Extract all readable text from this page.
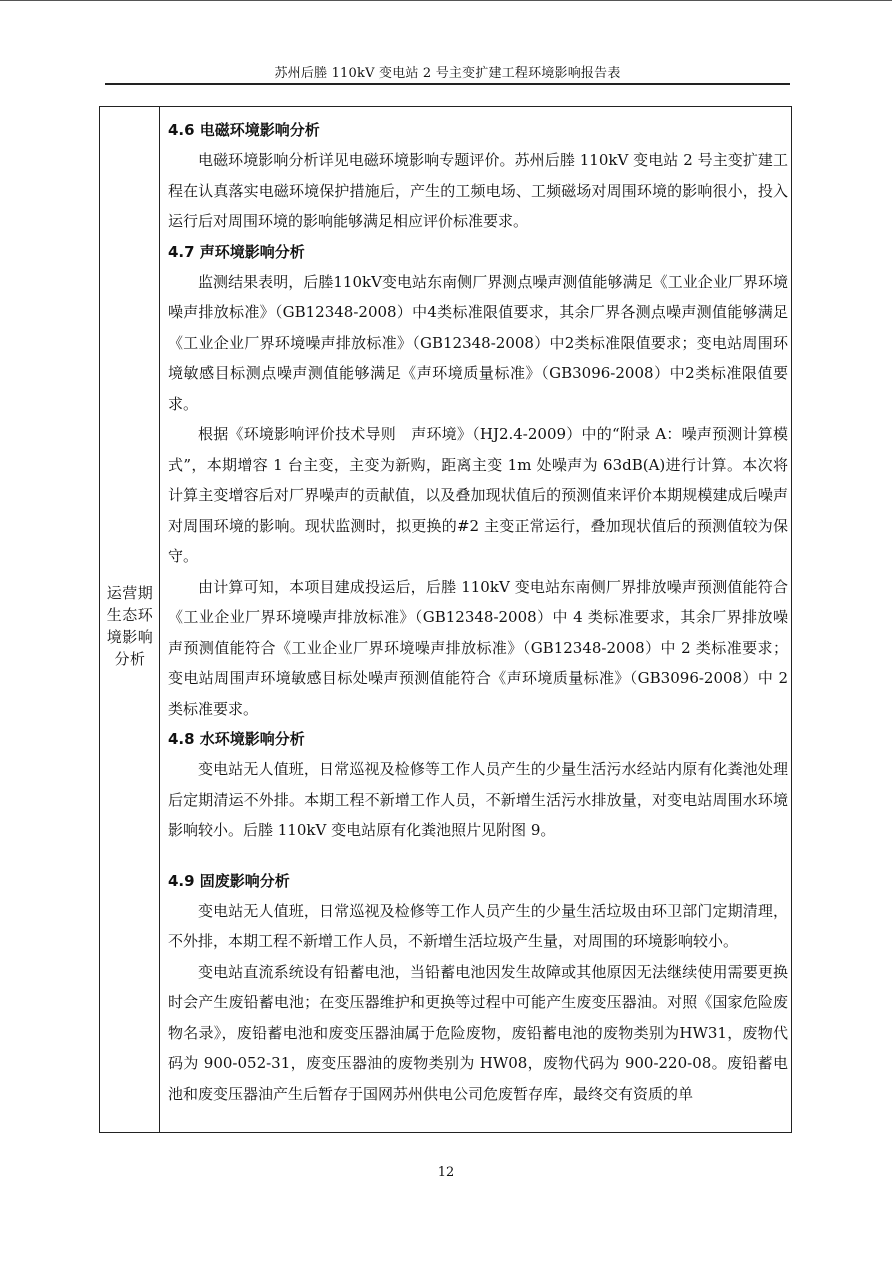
苏州后塍 110kV 变电站 2 号主变扩建工程环境影响报告表
运营期
生态环
境影响
分析
4.6 电磁环境影响分析

电磁环境影响分析详见电磁环境影响专题评价。苏州后塍 110kV 变电站 2 号主变扩建工程在认真落实电磁环境保护措施后，产生的工频电场、工频磁场对周围环境的影响很小，投入运行后对周围环境的影响能够满足相应评价标准要求。

4.7 声环境影响分析

监测结果表明，后塍110kV变电站东南侧厂界测点噪声测值能够满足《工业企业厂界环境噪声排放标准》（GB12348-2008）中4类标准限值要求，其余厂界各测点噪声测值能够满足《工业企业厂界环境噪声排放标准》（GB12348-2008）中2类标准限值要求；变电站周围环境敏感目标测点噪声测值能够满足《声环境质量标准》（GB3096-2008）中2类标准限值要求。

根据《环境影响评价技术导则　声环境》（HJ2.4-2009）中的“附录 A：噪声预测计算模式”，本期增容 1 台主变，主变为新购，距离主变 1m 处噪声为 63dB(A)进行计算。本次将计算主变增容后对厂界噪声的贡献值，以及叠加现状值后的预测值来评价本期规模建成后噪声对周围环境的影响。现状监测时，拟更换的#2 主变正常运行，叠加现状值后的预测值较为保守。

由计算可知，本项目建成投运后，后塍 110kV 变电站东南侧厂界排放噪声预测值能符合《工业企业厂界环境噪声排放标准》（GB12348-2008）中 4 类标准要求，其余厂界排放噪声预测值能符合《工业企业厂界环境噪声排放标准》（GB12348-2008）中 2 类标准要求；变电站周围声环境敏感目标处噪声预测值能符合《声环境质量标准》（GB3096-2008）中 2 类标准要求。

4.8 水环境影响分析

变电站无人值班，日常巡视及检修等工作人员产生的少量生活污水经站内原有化粪池处理后定期清运不外排。本期工程不新增工作人员，不新增生活污水排放量，对变电站周围水环境影响较小。后塍 110kV 变电站原有化粪池照片见附图 9。

4.9 固废影响分析

变电站无人值班，日常巡视及检修等工作人员产生的少量生活垃圾由环卫部门定期清理，不外排，本期工程不新增工作人员，不新增生活垃圾产生量，对周围的环境影响较小。

变电站直流系统设有铅蓄电池，当铅蓄电池因发生故障或其他原因无法继续使用需要更换时会产生废铅蓄电池；在变压器维护和更换等过程中可能产生废变压器油。对照《国家危险废物名录》，废铅蓄电池和废变压器油属于危险废物，废铅蓄电池的废物类别为HW31，废物代码为 900-052-31，废变压器油的废物类别为 HW08，废物代码为 900-220-08。废铅蓄电池和废变压器油产生后暂存于国网苏州供电公司危废暂存库，最终交有资质的单

12
